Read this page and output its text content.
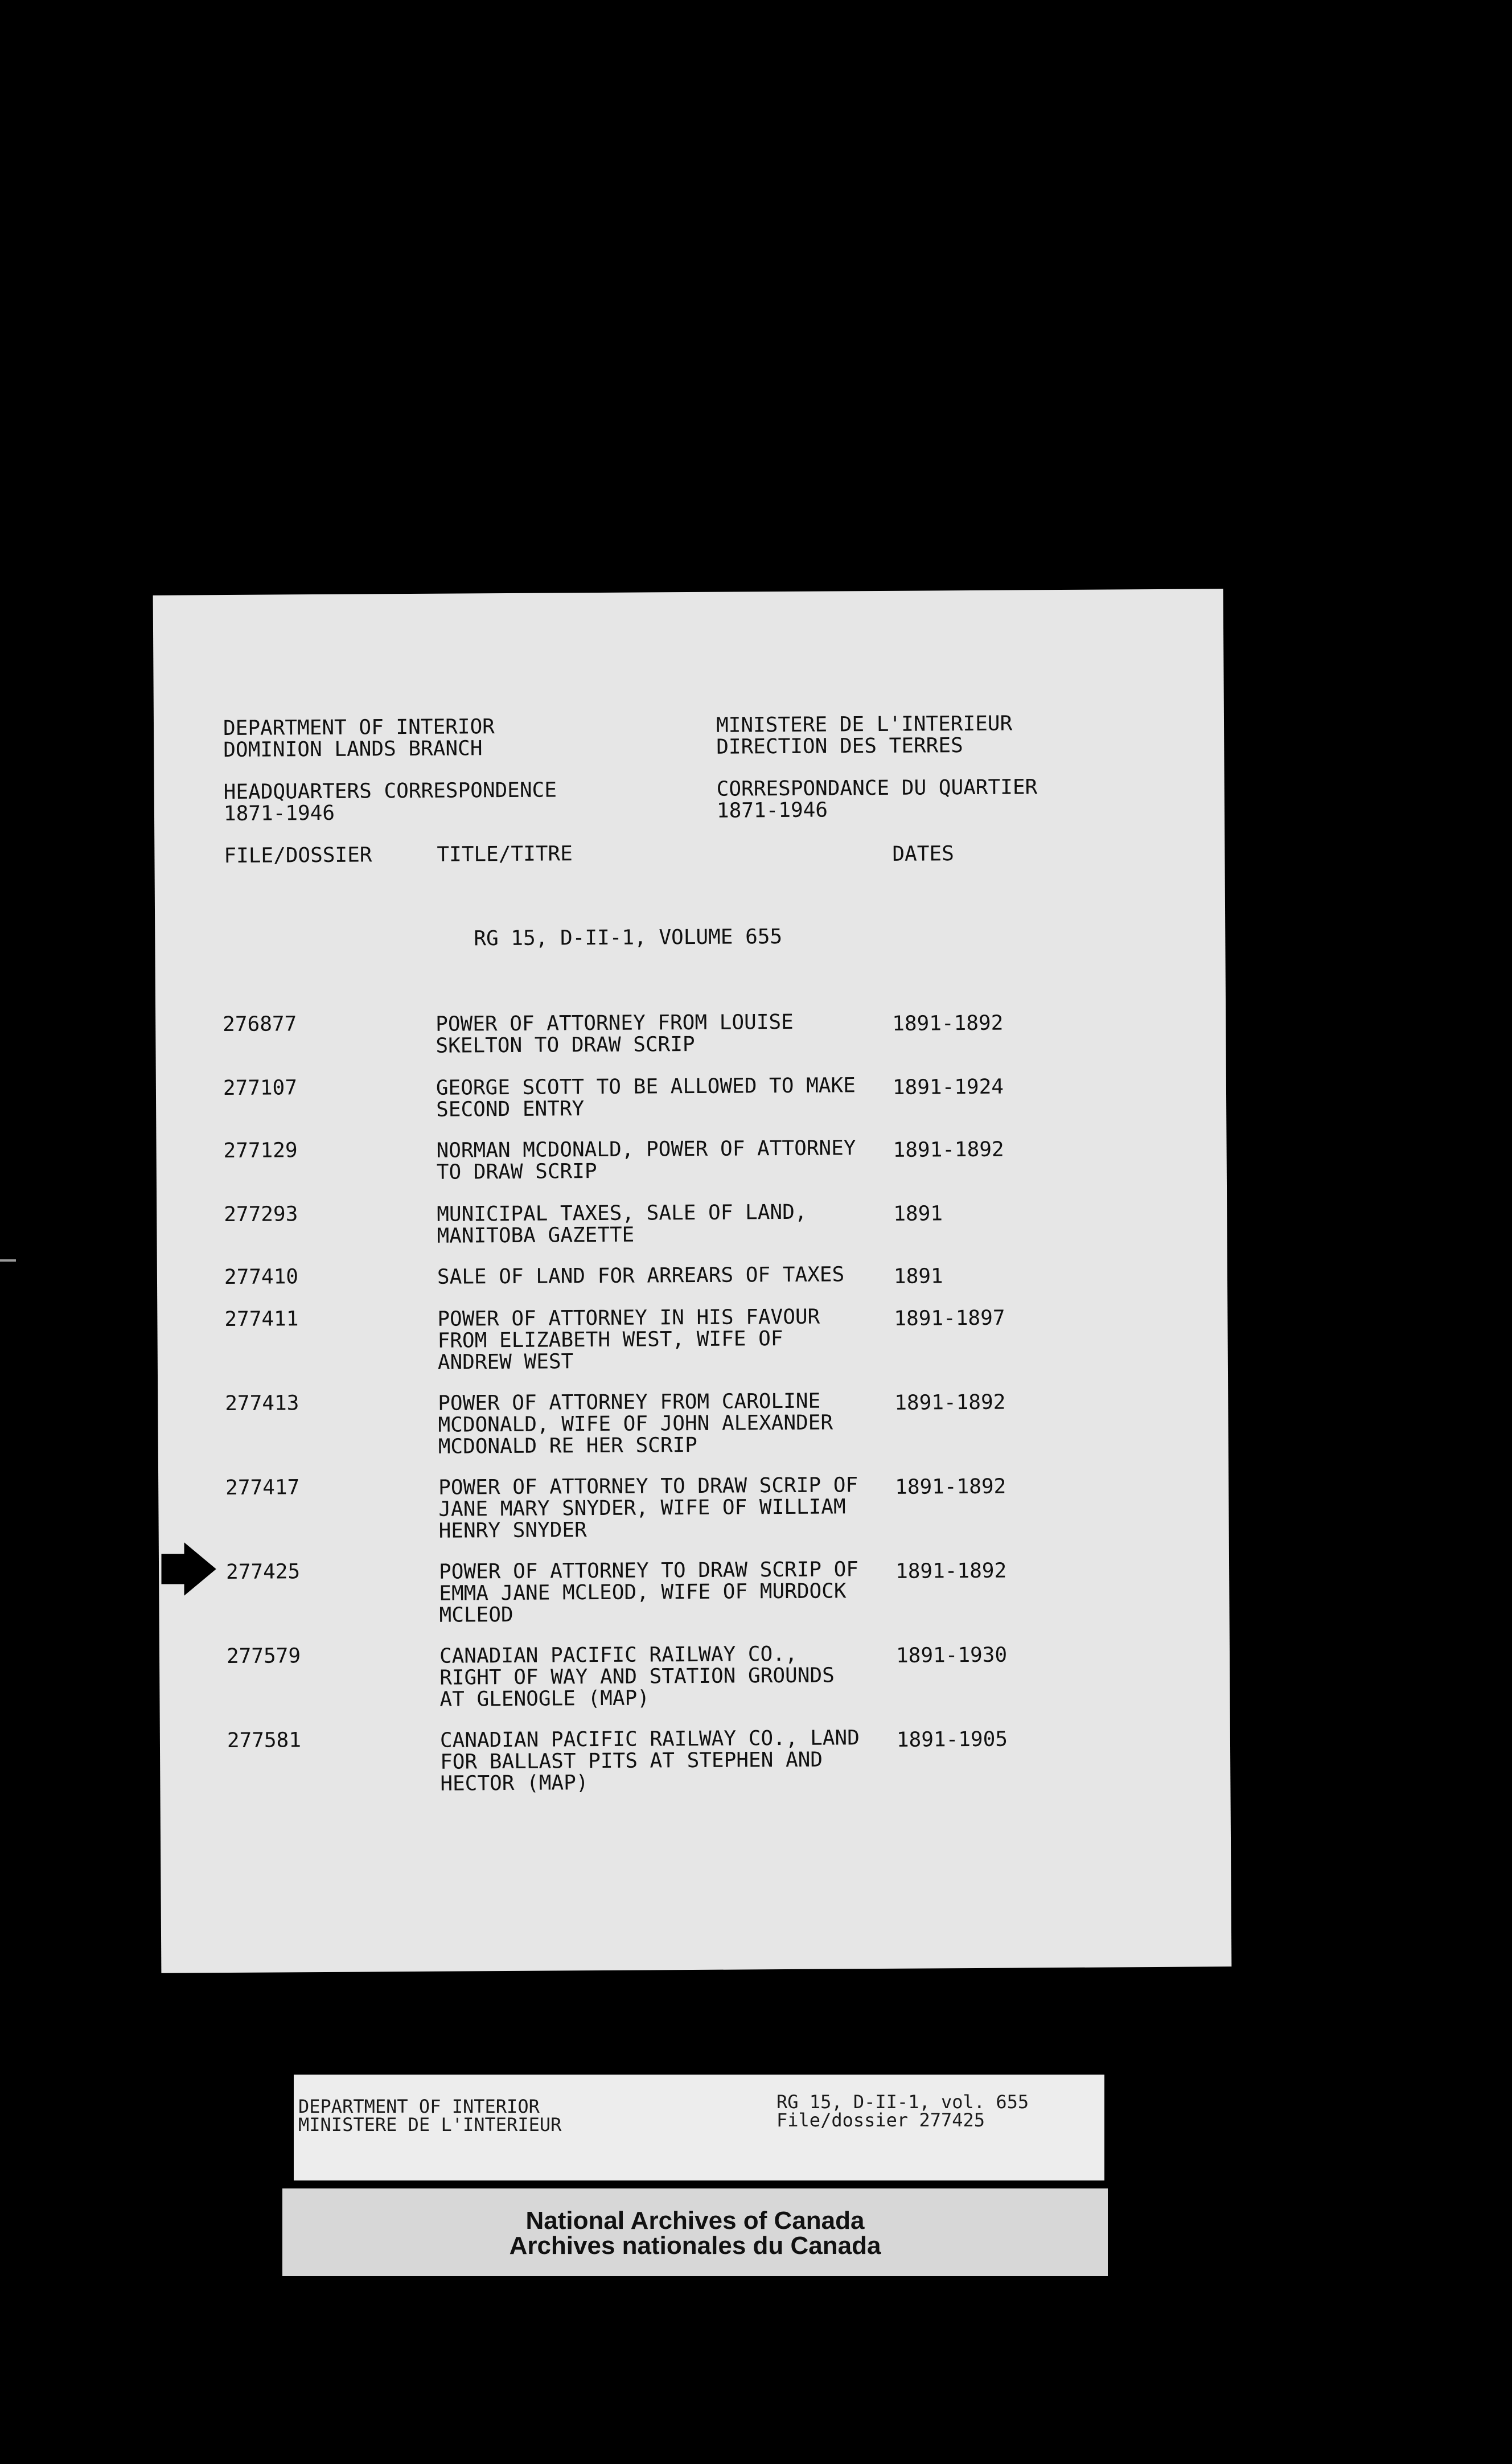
DEPARTMENT OF INTERIOR
DOMINION LANDS BRANCH
HEADQUARTERS CORRESPONDENCE
1871-1946
MINISTERE DE L'INTERIEUR
DIRECTION DES TERRES
CORRESPONDANCE DU QUARTIER
1871-1946
FILE/DOSSIER	TITLE/TITRE	DATES
RG 15, D-II-1, VOLUME 655
276877	POWER OF ATTORNEY FROM LOUISE
SKELTON TO DRAW SCRIP
1891-1892
277107	GEORGE SCOTT TO BE ALLOWED TO MAKE
SECOND ENTRY
1891-1924
277129	NORMAN MCDONALD, POWER OF ATTORNEY
TO DRAW SCRIP
1891-1892
277293	MUNICIPAL TAXES, SALE OF LAND,
MANITOBA GAZETTE
1891
277410	SALE OF LAND FOR ARREARS OF TAXES	1891
277411	POWER OF ATTORNEY IN HIS FAVOUR
FROM ELIZABETH WEST, WIFE OF
ANDREW WEST
1891-1897
277413	POWER OF ATTORNEY FROM CAROLINE
MCDONALD, WIFE OF JOHN ALEXANDER
MCDONALD RE HER SCRIP
1891-1892
277417	POWER OF ATTORNEY TO DRAW SCRIP OF
JANE MARY SNYDER, WIFE OF WILLIAM
HENRY SNYDER
1891-1892
277425	POWER OF ATTORNEY TO DRAW SCRIP OF
EMMA JANE MCLEOD, WIFE OF MURDOCK
MCLEOD
1891-1892
277579	CANADIAN PACIFIC RAILWAY CO.,
RIGHT OF WAY AND STATION GROUNDS
AT GLENOGLE (MAP)
1891-1930
277581	CANADIAN PACIFIC RAILWAY CO., LAND
FOR BALLAST PITS AT STEPHEN AND
HECTOR (MAP)
1891-1905
DEPARTMENT OF INTERIOR
MINISTERE DE L'INTERIEUR
RG 15, D-II-1, vol. 655
File/dossier 277425
National Archives of Canada
Archives nationales du Canada
